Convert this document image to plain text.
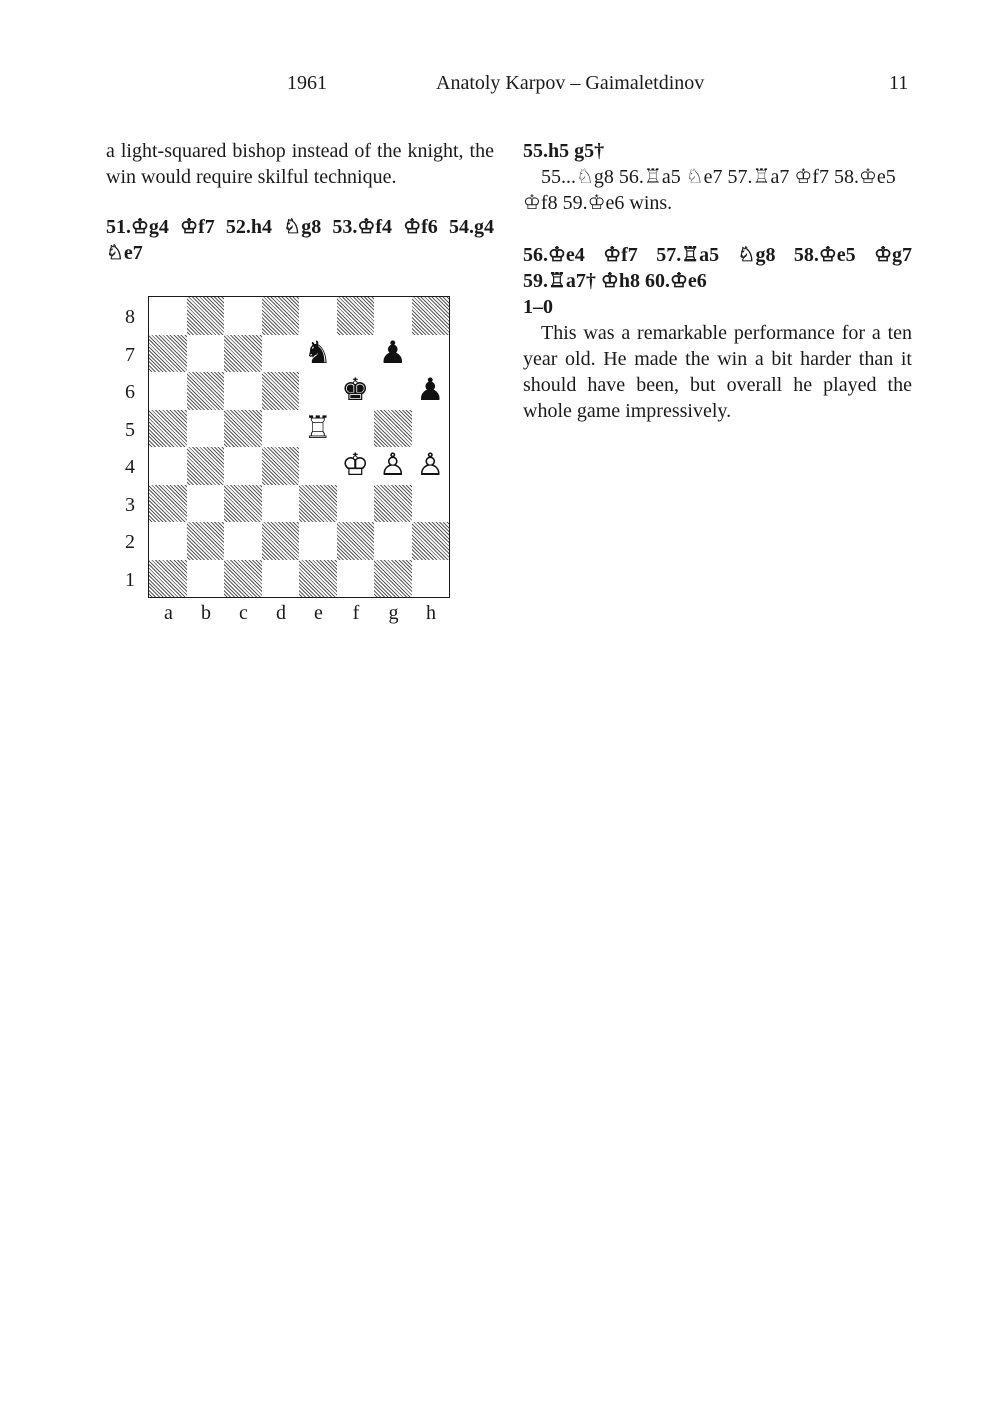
1961	Anatoly Karpov – Gaimaletdinov	11

a light-squared bishop instead of the knight, the win would require skilful technique.

51.♔g4 ♔f7 52.h4 ♘g8 53.♔f4 ♔f6 54.g4 ♘e7

8
7
6
5
4
3
2
1
♞ ♟
♚ ♟
♖
♔ ♙ ♙
a	b	c	d	e	f	g	h

55.h5 g5†

55...♘g8 56.♖a5 ♘e7 57.♖a7 ♔f7 58.♔e5 ♔f8 59.♔e6 wins.

56.♔e4 ♔f7 57.♖a5 ♘g8 58.♔e5 ♔g7 59.♖a7† ♔h8 60.♔e6

1–0

This was a remarkable performance for a ten year old. He made the win a bit harder than it should have been, but overall he played the whole game impressively.
